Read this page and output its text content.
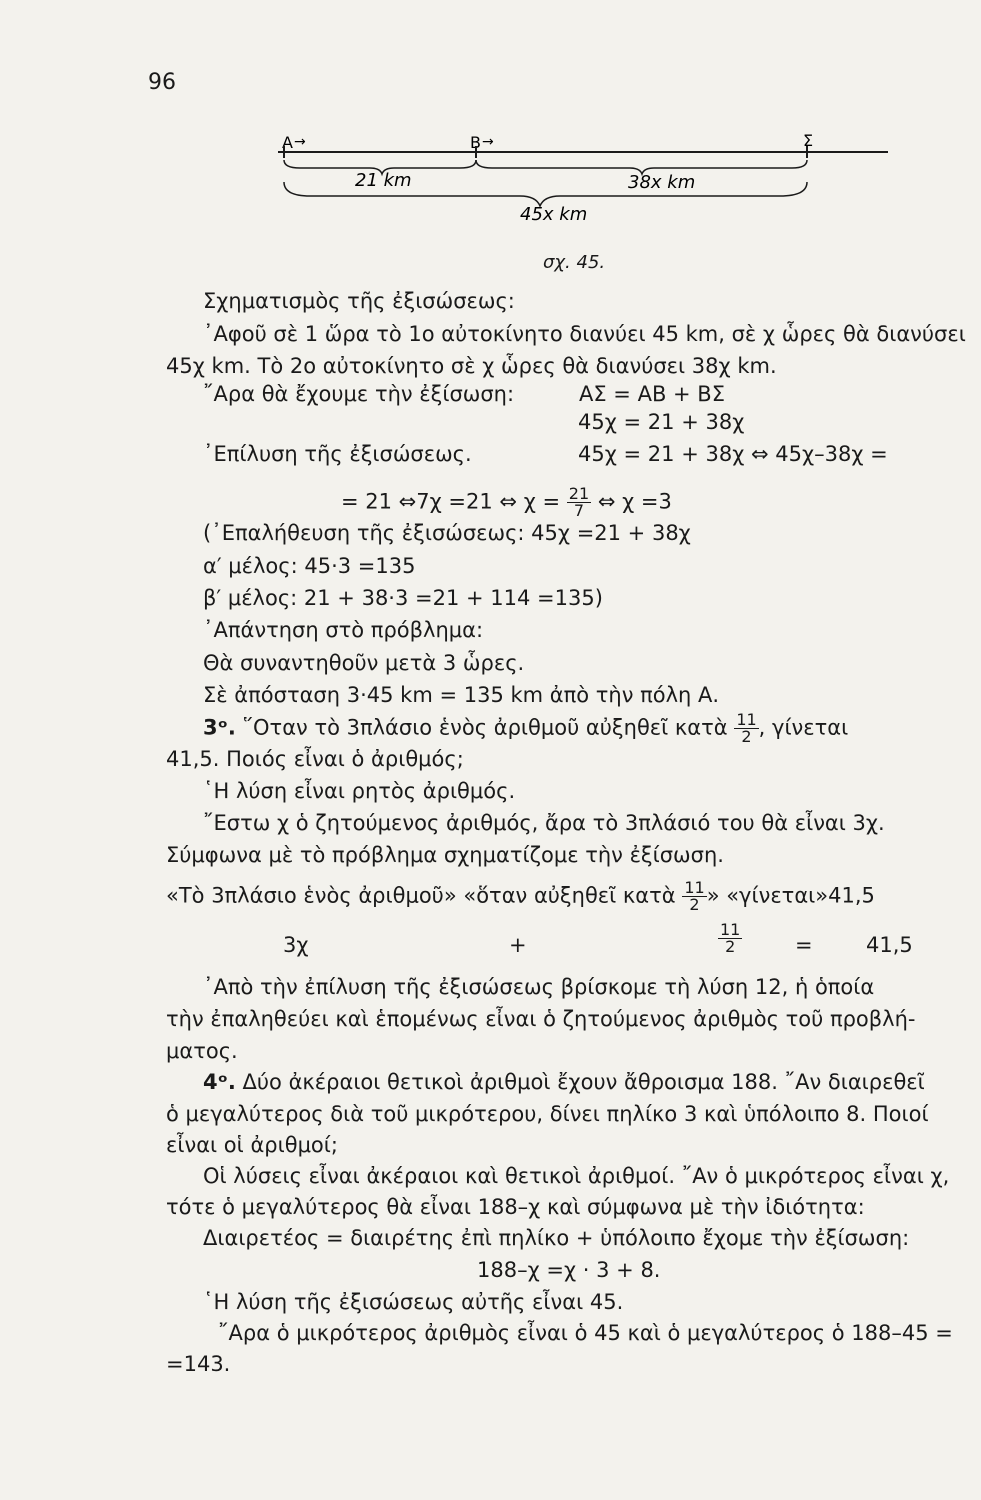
96
A →	B →	Σ
21 km	38x km
45x km
σχ. 45.
Σχηματισμὸς τῆς ἐξισώσεως:
᾿Αφοῦ σὲ 1 ὥρα τὸ 1ο αὐτοκίνητο διανύει 45 km, σὲ χ ὧρες θὰ διανύσει
45χ km. Τὸ 2ο αὐτοκίνητο σὲ χ ὧρες θὰ διανύσει 38χ km.
῎Αρα θὰ ἔχουμε τὴν ἐξίσωση:	ΑΣ = ΑΒ + ΒΣ
45χ = 21 + 38χ
᾿Επίλυση τῆς ἐξισώσεως.	45χ = 21 + 38χ ⇔ 45χ–38χ =
= 21 ⇔7χ =21 ⇔ $\chi = \frac{21}{7}$ ⇔ χ =3
(᾿Επαλήθευση τῆς ἐξισώσεως: 45χ =21 + 38χ
α′ μέλος: 45·3 =135
β′ μέλος: 21 + 38·3 =21 + 114 =135)
᾿Απάντηση στὸ πρόβλημα:
Θὰ συναντηθοῦν μετὰ 3 ὧρες.
Σὲ ἀπόσταση 3·45 km = 135 km ἀπὸ τὴν πόλη Α.
3ᵒ. ῞Οταν τὸ 3πλάσιο ἑνὸς ἀριθμοῦ αὐξηθεῖ κατὰ $\frac{11}{2}$ , γίνεται
41,5. Ποιός εἶναι ὁ ἀριθμός;
῾Η λύση εἶναι ρητὸς ἀριθμός.
῎Εστω χ ὁ ζητούμενος ἀριθμός, ἄρα τὸ 3πλάσιό του θὰ εἶναι 3χ.
Σύμφωνα μὲ τὸ πρόβλημα σχηματίζομε τὴν ἐξίσωση.
«Τὸ 3πλάσιο ἑνὸς ἀριθμοῦ» «ὅταν αὐξηθεῖ κατὰ $\frac{11}{2}$ » «γίνεται»41,5
3χ	+	$\frac{11}{2}$	=	41,5
᾿Απὸ τὴν ἐπίλυση τῆς ἐξισώσεως βρίσκομε τὴ λύση 12, ἡ ὁποία
τὴν ἐπαληθεύει καὶ ἑπομένως εἶναι ὁ ζητούμενος ἀριθμὸς τοῦ προβλή-
ματος.
4ᵒ. Δύο ἀκέραιοι θετικοὶ ἀριθμοὶ ἔχουν ἄθροισμα 188. ῎Αν διαιρεθεῖ
ὁ μεγαλύτερος διὰ τοῦ μικρότερου, δίνει πηλίκο 3 καὶ ὑπόλοιπο 8. Ποιοί
εἶναι οἱ ἀριθμοί;
Οἱ λύσεις εἶναι ἀκέραιοι καὶ θετικοὶ ἀριθμοί. ῎Αν ὁ μικρότερος εἶναι χ,
τότε ὁ μεγαλύτερος θὰ εἶναι 188–χ καὶ σύμφωνα μὲ τὴν ἰδιότητα:
Διαιρετέος = διαιρέτης ἐπὶ πηλίκο + ὑπόλοιπο ἔχομε τὴν ἐξίσωση:
188–χ =χ · 3 + 8.
῾Η λύση τῆς ἐξισώσεως αὐτῆς εἶναι 45.
῎Αρα ὁ μικρότερος ἀριθμὸς εἶναι ὁ 45 καὶ ὁ μεγαλύτερος ὁ 188–45 =
=143.
